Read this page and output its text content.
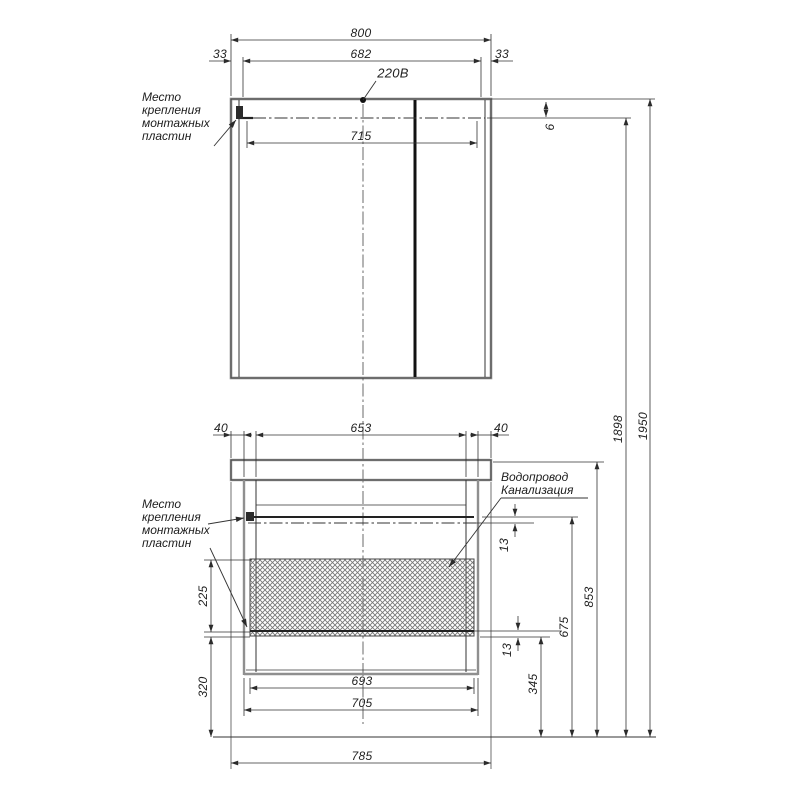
800
33	682	33
220В
715
6
Место
крепления
монтажных
пластин
40	653	40
Место
крепления
монтажных
пластин
Водопровод
Канализация
13
13
225
320	345
675
853
693
705
785
1898 1950
